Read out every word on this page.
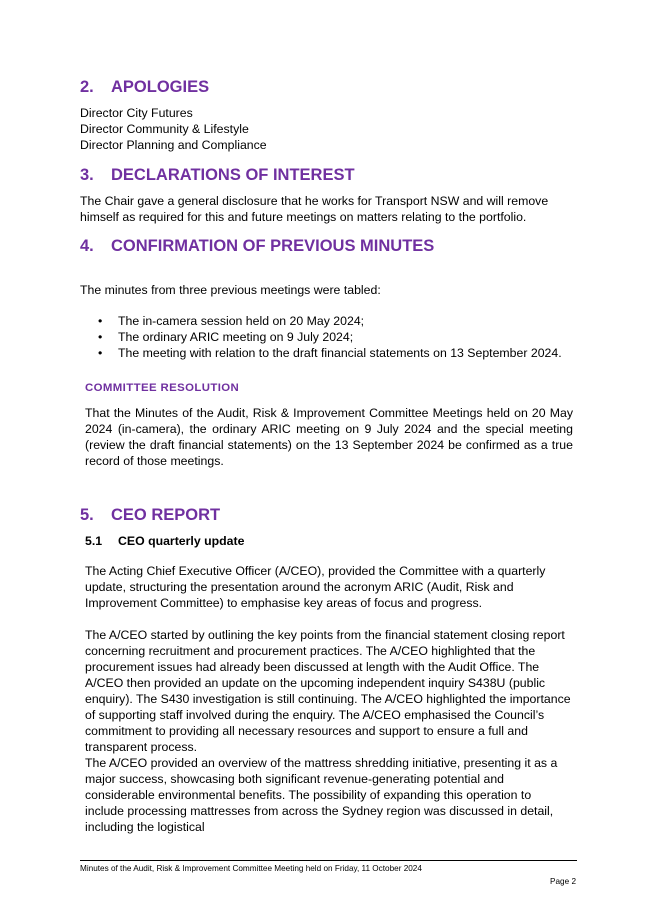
2. APOLOGIES
Director City Futures
Director Community & Lifestyle
Director Planning and Compliance
3. DECLARATIONS OF INTEREST

The Chair gave a general disclosure that he works for Transport NSW and will remove himself as required for this and future meetings on matters relating to the portfolio.

4. CONFIRMATION OF PREVIOUS MINUTES

The minutes from three previous meetings were tabled:

• The in-camera session held on 20 May 2024;
• The ordinary ARIC meeting on 9 July 2024;
• The meeting with relation to the draft financial statements on 13 September 2024.

COMMITTEE RESOLUTION

That the Minutes of the Audit, Risk & Improvement Committee Meetings held on 20 May 2024 (in-camera), the ordinary ARIC meeting on 9 July 2024 and the special meeting (review the draft financial statements) on the 13 September 2024 be confirmed as a true record of those meetings.

5. CEO REPORT

5.1 CEO quarterly update

The Acting Chief Executive Officer (A/CEO), provided the Committee with a quarterly update, structuring the presentation around the acronym ARIC (Audit, Risk and Improvement Committee) to emphasise key areas of focus and progress.

The A/CEO started by outlining the key points from the financial statement closing report concerning recruitment and procurement practices. The A/CEO highlighted that the procurement issues had already been discussed at length with the Audit Office. The A/CEO then provided an update on the upcoming independent inquiry S438U (public enquiry). The S430 investigation is still continuing. The A/CEO highlighted the importance of supporting staff involved during the enquiry. The A/CEO emphasised the Council’s commitment to providing all necessary resources and support to ensure a full and transparent process.

The A/CEO provided an overview of the mattress shredding initiative, presenting it as a major success, showcasing both significant revenue-generating potential and considerable environmental benefits. The possibility of expanding this operation to include processing mattresses from across the Sydney region was discussed in detail, including the logistical

Minutes of the Audit, Risk & Improvement Committee Meeting held on Friday, 11 October 2024
Page 2
